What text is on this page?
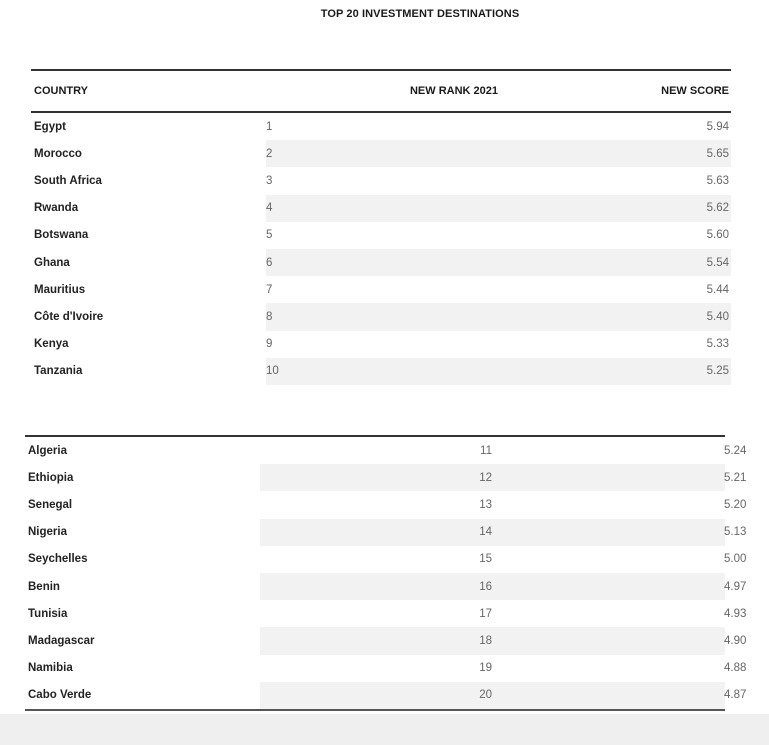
TOP 20 INVESTMENT DESTINATIONS
COUNTRY	NEW RANK 2021	NEW SCORE
Egypt	1	5.94
Morocco	2	5.65
South Africa	3	5.63
Rwanda	4	5.62
Botswana	5	5.60
Ghana	6	5.54
Mauritius	7	5.44
Côte d'Ivoire	8	5.40
Kenya	9	5.33
Tanzania	10	5.25
Algeria	11	5.24
Ethiopia	12	5.21
Senegal	13	5.20
Nigeria	14	5.13
Seychelles	15	5.00
Benin	16	4.97
Tunisia	17	4.93
Madagascar	18	4.90
Namibia	19	4.88
Cabo Verde	20	4.87
